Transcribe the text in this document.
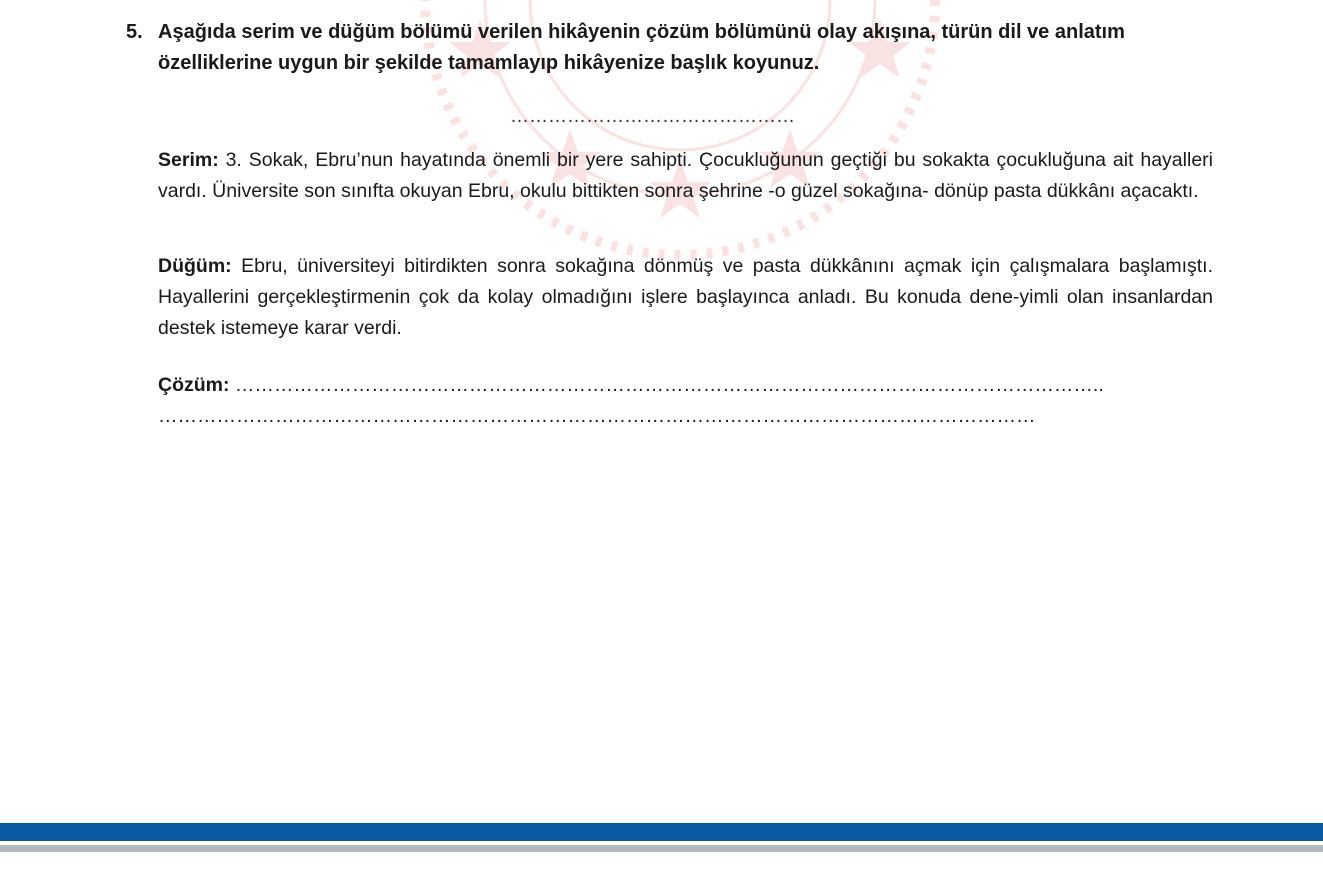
5. Aşağıda serim ve düğüm bölümü verilen hikâyenin çözüm bölümünü olay akışına, türün dil ve anlatım özelliklerine uygun bir şekilde tamamlayıp hikâyenize başlık koyunuz.
………………………………………
Serim: 3. Sokak, Ebru’nun hayatında önemli bir yere sahipti. Çocukluğunun geçtiği bu sokakta çocukluğuna ait hayalleri vardı. Üniversite son sınıfta okuyan Ebru, okulu bittikten sonra şehrine -o güzel sokağına- dönüp pasta dükkânı açacaktı.
Düğüm: Ebru, üniversiteyi bitirdikten sonra sokağına dönmüş ve pasta dükkânını açmak için çalışmalara başlamıştı. Hayallerini gerçekleştirmenin çok da kolay olmadığını işlere başlayınca anladı. Bu konuda dene-yimli olan insanlardan destek istemeye karar verdi.
Çözüm: ……………………………………………………………………………………………………………………..
………………………………………………………………………………………………………………………
